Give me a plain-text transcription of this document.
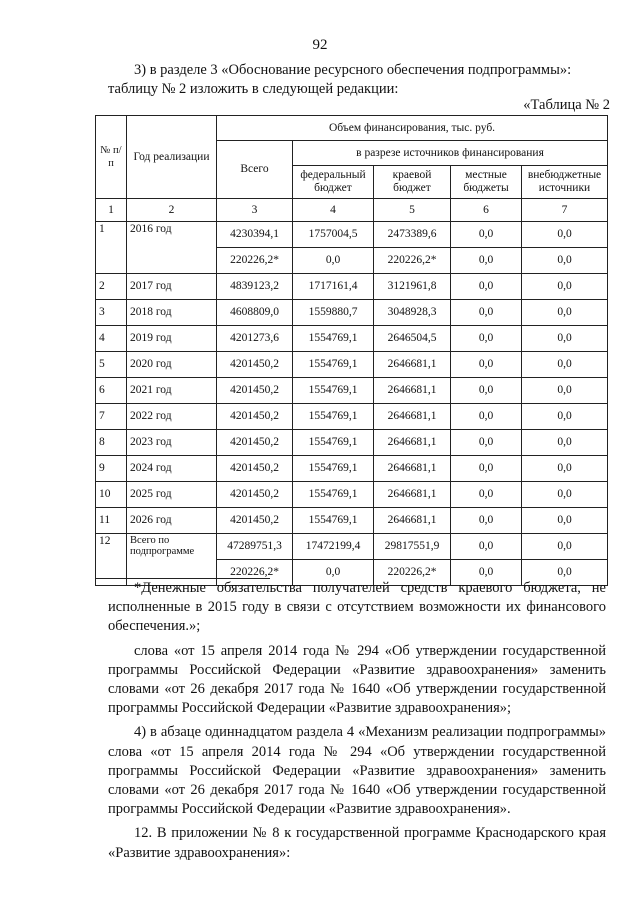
92

3) в разделе 3 «Обоснование ресурсного обеспечения подпрограммы»:

таблицу № 2 изложить в следующей редакции:

«Таблица № 2
№ п/п	Год реализации	Объем финансирования, тыс. руб.				
		Всего	в разрезе источников финансирования			
			федеральный бюджет	краевой бюджет	местные бюджеты	внебюджетные источники
1	2	3	4	5	6	7
1	2016 год	4230394,1	1757004,5	2473389,6	0,0	0,0
		220226,2*	0,0	220226,2*	0,0	0,0
2	2017 год	4839123,2	1717161,4	3121961,8	0,0	0,0
3	2018 год	4608809,0	1559880,7	3048928,3	0,0	0,0
4	2019 год	4201273,6	1554769,1	2646504,5	0,0	0,0
5	2020 год	4201450,2	1554769,1	2646681,1	0,0	0,0
6	2021 год	4201450,2	1554769,1	2646681,1	0,0	0,0
7	2022 год	4201450,2	1554769,1	2646681,1	0,0	0,0
8	2023 год	4201450,2	1554769,1	2646681,1	0,0	0,0
9	2024 год	4201450,2	1554769,1	2646681,1	0,0	0,0
10	2025 год	4201450,2	1554769,1	2646681,1	0,0	0,0
11	2026 год	4201450,2	1554769,1	2646681,1	0,0	0,0
12	Всего по подпрограмме	47289751,3	17472199,4	29817551,9	0,0	0,0
		220226,2*	0,0	220226,2*	0,0	0,0

*Денежные обязательства получателей средств краевого бюджета, не исполненные в 2015 году в связи с отсутствием возможности их финансового обеспечения.»;

слова «от 15 апреля 2014 года № 294 «Об утверждении государственной программы Российской Федерации «Развитие здравоохранения» заменить словами «от 26 декабря 2017 года № 1640 «Об утверждении государственной программы Российской Федерации «Развитие здравоохранения»;

4) в абзаце одиннадцатом раздела 4 «Механизм реализации подпрограммы» слова «от 15 апреля 2014 года № 294 «Об утверждении государственной программы Российской Федерации «Развитие здравоохранения» заменить словами «от 26 декабря 2017 года № 1640 «Об утверждении государственной программы Российской Федерации «Развитие здравоохранения».

12. В приложении № 8 к государственной программе Краснодарского края «Развитие здравоохранения»:
